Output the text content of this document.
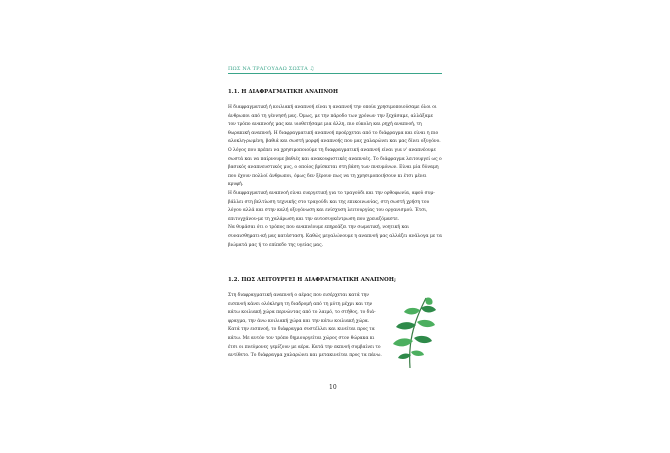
ΠΩΣ ΝΑ ΤΡΑΓΟΥΔΑΩ ΣΩΣΤΑ ♫
1.1. Η ΔΙΑΦΡΑΓΜΑΤΙΚΗ ΑΝΑΠΝΟΗ

Η διαφραγματική ή κοιλιακή αναπνοή είναι η αναπνοή την οποία χρησιμοποιούσαμε όλοι οι άνθρωποι από τη γέννησή μας. Όμως, με την πάροδο των χρόνων την ξεχάσαμε, αλλάξαμε τον τρόπο αναπνοής μας και υιοθετήσαμε μια άλλη, πιο εύκολη και ρηχή αναπνοή, τη θωρακική αναπνοή. Η διαφραγματική αναπνοή προέρχεται από το διάφραγμα και είναι η πιο αλοκλη-ρωμένη, βαθιά και σωστή μορφή αναπνοής που μας χαλαρώνει και μας δίνει οξυγόνο. Ο λόγος που πρέπει να χρησιμοποιούμε τη διαφραγματική αναπνοή είναι για ν' αναπνέουμε σωστά και να παίρνουμε βαθιές και ανακουφιστικές αναπνοές. Το διάφραγμα λειτουργεί ως ο βασικός αναπνευστικός μυς, ο οποίος βρίσκεται στη βάση των πνευμόνων. Είναι μία δύναμη που έχουν πολλοί άνθρωποι, όμως δεν ξέρουν πως να τη χρησιμοποιήσουν κι έτσι μένει κρυφή.

Η διαφραγματική αναπνοή είναι ευεργετική για το τραγούδι και την ορθοφωνία, αφού συμ-βάλλει στη βελτίωση τεχνικής στο τραγούδι και της επικοινωνίας, στη σωστή χρήση του λόγου αλλά και στην καλή οξυγόνωση και ενίσχυση λειτουργίας του οργανισμού. Έτσι, επιτυγχάνου-με τη χαλάρωση και την αυτοσυγκέντρωση που χρειαζόμαστε.

Να θυμάσαι ότι ο τρόπος που αναπνέουμε επηρεάζει την σωματική, νοητική και συναισθηματι-κή μας κατάσταση. Καθώς μεγαλώνουμε η αναπνοή μας αλλάζει ανάλογα με τα βιώματά μας ή το επίπεδο της υγείας μας.

1.2. ΠΩΣ ΛΕΙΤΟΥΡΓΕΙ Η ΔΙΑΦΡΑΓΜΑΤΙΚΗ ΑΝΑΠΝΟΗ;

Στη διαφραγματική αναπνοή ο αέρας που εισέρχεται κατά την εισπνοή κάνει ολόκληρη τη διαδρομή από τη μύτη μέχρι και την κάτω κοιλιακή χώρα περνώντας από το λαιμό, το στήθος, το διά-φραγμα, την άνω κοιλιακή χώρα και την κάτω κοιλιακή χώρα.

Κατά την εισπνοή, το διάφραγμα συστέλλει και κινείται προς τα κάτω. Με αυτόν τον τρόπο δημιουργείται χώρος στον θώρακα κι έτσι οι πνεύμονες γεμίζουν με αέρα. Κατά την εκπνοή συμβαίνει το αντίθετο. Το διάφραγμα χαλαρώνει και μετακινείται προς τα πάνω.

10
